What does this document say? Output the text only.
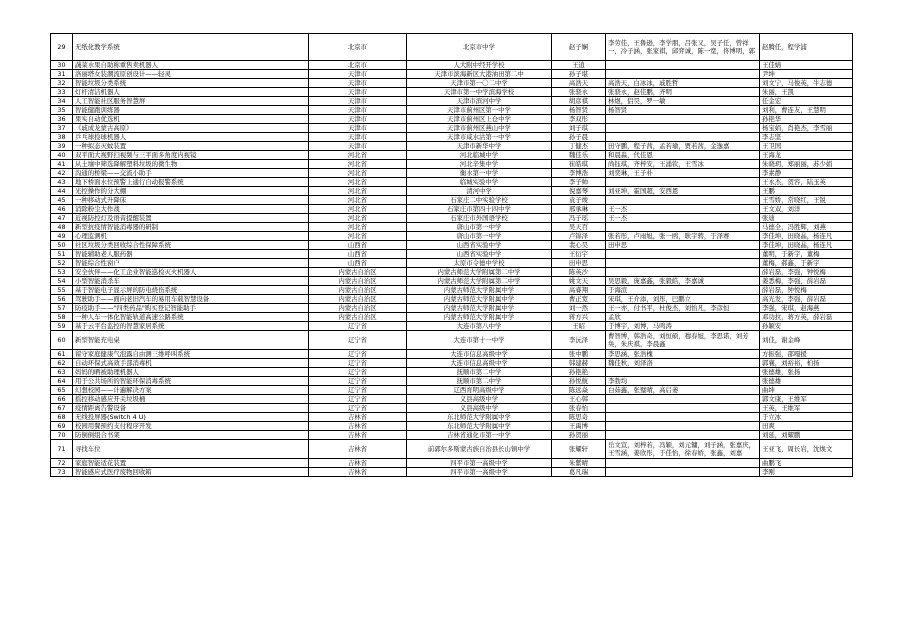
29	无纸化教学系统	北京市	北京市中学	赵子娴	李劳佳，王鲁逊，李学朋，吕张又，吴子任，曾祥一，冷子涵，张家祺，邱弈诚，陈一宽，佟博明，郭	赵腾任，程学浦
30	蔬菜水果自助称重售卖机器人	北京市	人大附中经开学校	王逍		王佳婧
31	洛丽塔女装潮流原创设计——轻灵	天津市	天津市滨海新区大港油田第二中	孙子堪		尹坤
32	智能垃圾分类系统	天津市	天津市第一〇二中学	高浩天	高浩天，白冰冰，戚胜哲	刘文宁，马俊英，牛志德
33	灯杆清洁机器人	天津市	天津市第一中学滨海学校	张骁永	张骁永，赵佳鹏，齐明	朱丽，王凯
34	人工智能社区服务智慧屏	天津市	天津市滨河中学	胡彦祺	林煜，侣昊，罗一敏	任金宏
35	智能健跑训练器	天津市	天津市蓟州区第一中学	杨智贤	杨智贤	刘利，曹连友，王慧明
36	果实自动优选机	天津市	天津市蓟州区上仓中学	李双彤		孙艳华
37	《戚成龙蒙古高原》	天津市	天津市蓟州区燕山中学	刘子琪		杨宝娟，肖艳杰，李雪丽
38	乒乓球捡球机器人	天津市	天津市咸水沽第一中学	孙子晨		李志坚
39	一种拟态灭蚊装置	天津市	天津市新华中学	丁健杰	田守鹏，程子茜，孟若瑜，贾若茜，金逸嘉	王卫国
40	双平面大视野扫视频与三平面多角度内视镜	河北省	河北临城中学	魏佳乐	和晨淼，代佳恩	王海龙
41	从土壤中筛选降解塑料垃圾的微生物	河北省	河北辛集中学	崔皓琪	尚钰琪，齐梓安，王涌钦，王雪冰	朱晓玥，郑丽丽，苏少娟
42	沟通的桥梁——交流小助手	河北省	衡水第一中学	李博浩	刘奕琳，王子朴	李素静
43	地下桥面水位预警上通行自动报警系统	河北省	临城实验中学	李子帅		王永杰，贺容，陆玉英
44	光控操作的分大棚	河北省	清河中学	倪嘉琴	刘亚坤，霍国超，安西恩	王鹏
45	一种移动式升降床	河北省	石家庄二中实验学校	袁子焌		王雪娇，常晓红，王锐
46	消除粉尘大作战	河北省	石家庄市第四十四中学	邢承琳	王一杰	王文双，刘洋
47	近视防控灯及语音提醒装置	河北省	石家庄市外国语学校	冯子瑶	王一杰	张迪
48	新型抗疫情智能消毒器的研制	河北省	唐山市第一中学	吴天百		马德全，冯胜辉，刘燕
49	心理监测机	河北省	唐山市第一中学	卢锦泽	张若彤，卢雨旭，张一鸥，耿宇骋，于泽赛	李佳坤，田晓晶，杨连凡
50	社区垃圾分类回收综合性保障系统	山西省	山西省实验中学	裴心昊	田申思	李佳坤，田晓晶，杨连凡
51	智能辅助老人服药器	山西省	山西省实验中学	王衍宇		董明，于新宇，董梅
52	智能综合性窗户	山西省	太原市令德中学校	田申思		董梅，郝鑫，于新宇
53	安全伙伴——化工企业智能巡检灭火机器人	内蒙古自治区	内蒙古师范大学附属第二中学	陈英沙		薛岩磊，李强，钟悦梅
54	小型智能消杀车	内蒙古自治区	内蒙古师范大学附属第二中学	姚文天	吴思毅，庞嘉鑫，张毅皓，李嘉诚	姜悉梅，李强，薛岩磊
55	基于智能电子显示屏的防电烧伤系统	内蒙古自治区	内蒙古师范大学附属中学	高睿翔	于海渲	薛岩磊，钟悦梅
56	驾驶助手——面向老旧汽车的易用车载智慧设备	内蒙古自治区	内蒙古师范大学附属中学	曹正宽	宋琪，王介添，刘彤，巴鹏立	高光发，李强，薛岩磊
57	防疫助手——"四类药品"购买登记智能助手	内蒙古自治区	内蒙古师范大学附属中学	刘一然	王一亦，付书平，杜俊杰，刘怡凡，李彦恒	李强，宋琪，赵海燕
58	一种人车一体化智能轨道高速公路系统	内蒙古自治区	内蒙古师范大学附属中学	蒋方兴	孟欣	邓功拉，蒋方英，薛岩磊
59	基于云平台监控的智慧家居系统	辽宁省	大连市第八中学	王昭	于博宇，刘博，马鸣涛	孙颖安
60	新型智能充电桌	辽宁省	大连市第十一中学	李沅泽	曹智博，韩浩奇，刘恒硕，穆春旭，李思诺，刘芳奂，朱庆祺，李晨鑫	刘佳，谢金峰
61	留守家庭健康气泡露自由测三维呼叫系统	辽宁省	大连市信息高级中学	张中鹏	李思涵，张浩槐	方振强，邵嘎援
62	自动环保式高效手部消毒机	辽宁省	大连市信息高级中学	韩建赫	魏佳秋，刘泽洛	郭襄，刘裕裕，柏扬
63	妈妈的晒被助理机器人	辽宁省	抚顺市第二中学	孙艳艳		张德雄，张扬
64	用于公共场所的智能环保消毒系统	辽宁省	抚顺市第二中学	孙悦航	李勃均	张德雄
65	幻想校园——计遍解决方案	辽宁省	辽西育明高级中学	陈远焱	白茹鑫，张璧晴，高启萎	曲坤
66	摇控移动感应开关垃圾桶	辽宁省	义县高级中学	王心韩		郭文康，王维军
67	疫情距离告警设备	辽宁省	义县高级中学	张春怡		王英，王维军
68	无线投屏器(Switch 4 U)	吉林省	东北师范大学附属中学	陈思奇		于立冰
69	校园用餐预约支付程序开发	吉林省	东北师范大学附属中学	王禹博		田爽
70	防倒倒组合书架	吉林省	吉林省通化市第一中学	孙贺丽		刘延，刘耀鹏
71	寻找车位	吉林省	前郭尔多斯蒙古族自治县长山镇中学	张耀轩	岳文宣，刘梓若，冯颖，刘元镛，刘子涵，张嘉庆，王雪涵，姜欣彤，于佳怡，徐春娇，张鑫，刘嘉	王亚飞，周长岩，沈焕文
72	家庭智能适花装置	吉林省	四平市第一高级中学	朱紫晴		曲鹏飞
73	智能感应式医疗废物回收箱	吉林省	四平市第一高级中学	葛凡瑞		李刚
